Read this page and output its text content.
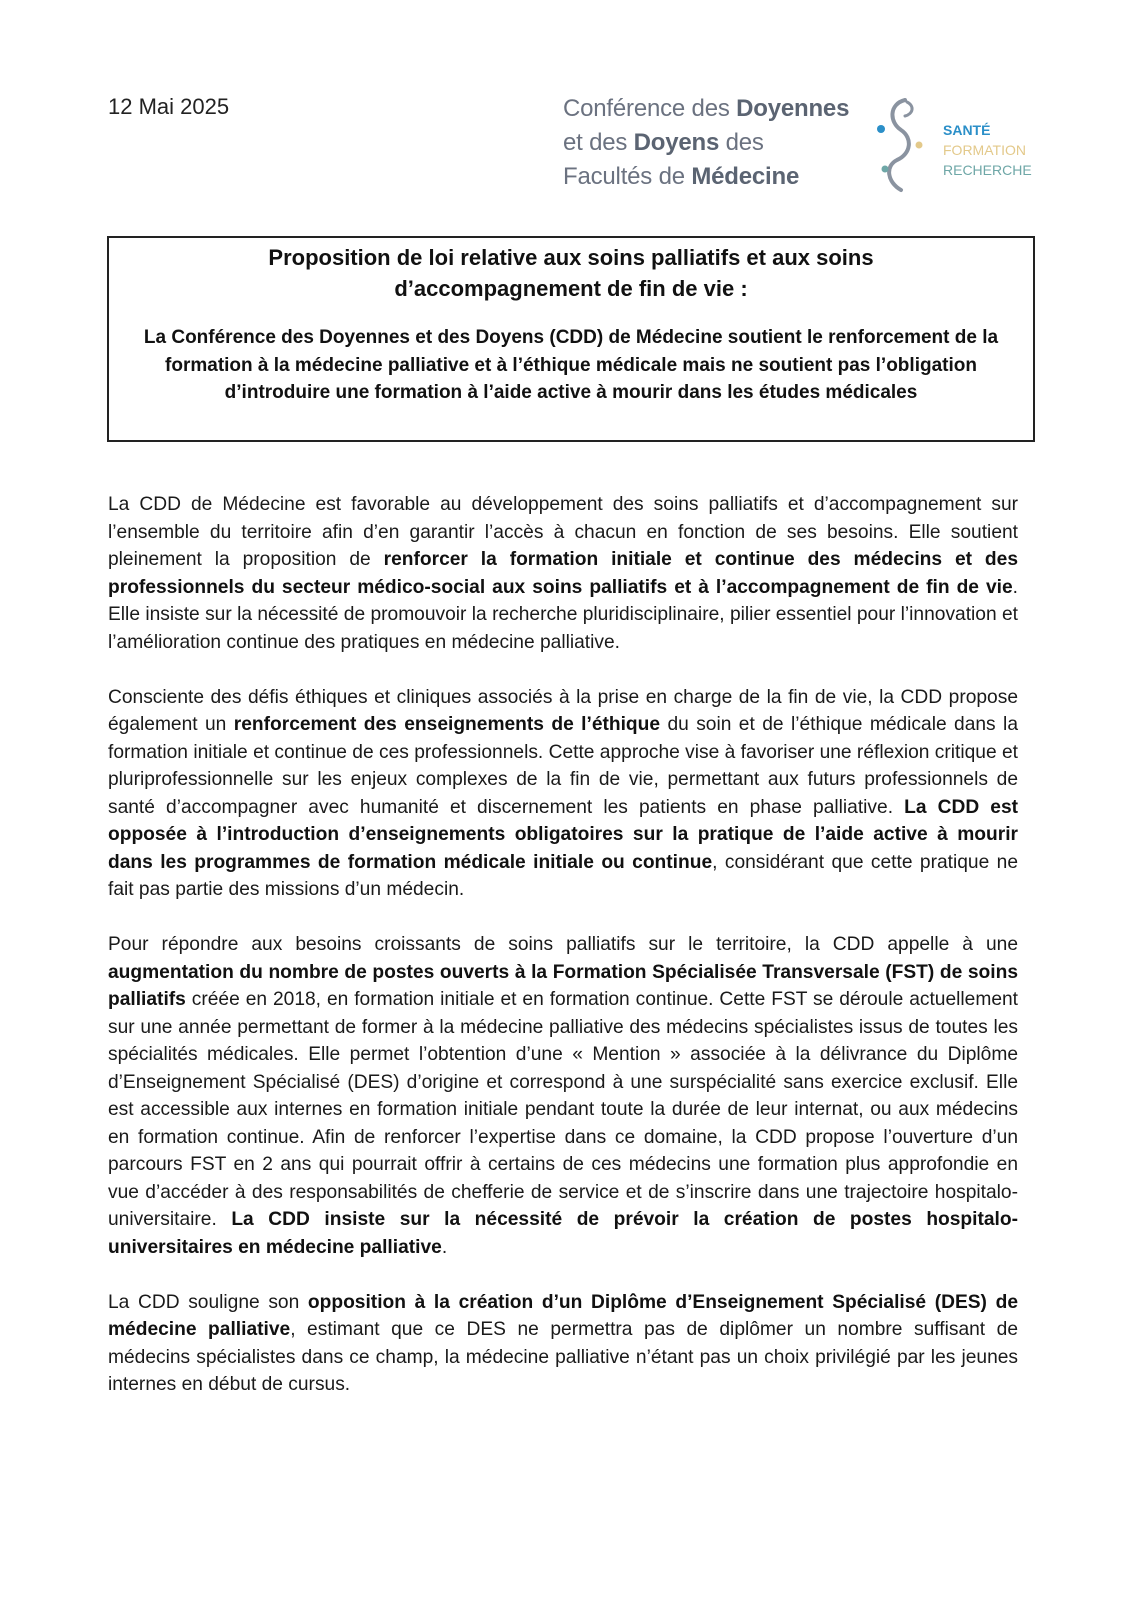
12 Mai 2025	Conférence des Doyennes
et des Doyens des
Facultés de Médecine
SANTÉ
FORMATION
RECHERCHE

Proposition de loi relative aux soins palliatifs et aux soins
d’accompagnement de fin de vie :

La Conférence des Doyennes et des Doyens (CDD) de Médecine soutient le renforcement de la formation à la médecine palliative et à l’éthique médicale mais ne soutient pas l’obligation d’introduire une formation à l’aide active à mourir dans les études médicales

La CDD de Médecine est favorable au développement des soins palliatifs et d’accompagnement sur l’ensemble du territoire afin d’en garantir l’accès à chacun en fonction de ses besoins. Elle soutient pleinement la proposition de renforcer la formation initiale et continue des médecins et des professionnels du secteur médico-social aux soins palliatifs et à l’accompagnement de fin de vie. Elle insiste sur la nécessité de promouvoir la recherche pluridisciplinaire, pilier essentiel pour l’innovation et l’amélioration continue des pratiques en médecine palliative.

Consciente des défis éthiques et cliniques associés à la prise en charge de la fin de vie, la CDD propose également un renforcement des enseignements de l’éthique du soin et de l’éthique médicale dans la formation initiale et continue de ces professionnels. Cette approche vise à favoriser une réflexion critique et pluriprofessionnelle sur les enjeux complexes de la fin de vie, permettant aux futurs professionnels de santé d’accompagner avec humanité et discernement les patients en phase palliative. La CDD est opposée à l’introduction d’enseignements obligatoires sur la pratique de l’aide active à mourir dans les programmes de formation médicale initiale ou continue, considérant que cette pratique ne fait pas partie des missions d’un médecin.

Pour répondre aux besoins croissants de soins palliatifs sur le territoire, la CDD appelle à une augmentation du nombre de postes ouverts à la Formation Spécialisée Transversale (FST) de soins palliatifs créée en 2018, en formation initiale et en formation continue. Cette FST se déroule actuellement sur une année permettant de former à la médecine palliative des médecins spécialistes issus de toutes les spécialités médicales. Elle permet l’obtention d’une « Mention » associée à la délivrance du Diplôme d’Enseignement Spécialisé (DES) d’origine et correspond à une surspécialité sans exercice exclusif. Elle est accessible aux internes en formation initiale pendant toute la durée de leur internat, ou aux médecins en formation continue. Afin de renforcer l’expertise dans ce domaine, la CDD propose l’ouverture d’un parcours FST en 2 ans qui pourrait offrir à certains de ces médecins une formation plus approfondie en vue d’accéder à des responsabilités de chefferie de service et de s’inscrire dans une trajectoire hospitalo-universitaire. La CDD insiste sur la nécessité de prévoir la création de postes hospitalo-universitaires en médecine palliative.

La CDD souligne son opposition à la création d’un Diplôme d’Enseignement Spécialisé (DES) de médecine palliative, estimant que ce DES ne permettra pas de diplômer un nombre suffisant de médecins spécialistes dans ce champ, la médecine palliative n’étant pas un choix privilégié par les jeunes internes en début de cursus.
